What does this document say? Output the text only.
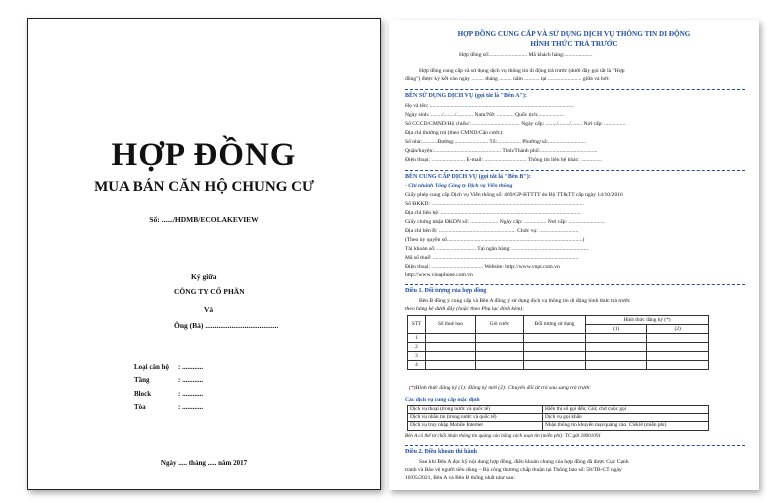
HỢP ĐỒNG
MUA BÁN CĂN HỘ CHUNG CƯ
Số: ....../HDMB/ECOLAKEVIEW
Ký giữa
CÔNG TY CỔ PHẦN
Và
Ông (Bà) .......................................
Loại căn hộ	: ............
Tầng	: ............
Block	: ............
Tòa	: ............
Ngày ..... tháng ..... năm 2017
HỢP ĐỒNG CUNG CẤP VÀ SỬ DỤNG DỊCH VỤ THÔNG TIN DI ĐỘNG
HÌNH THỨC TRẢ TRƯỚC
Hợp đồng số:........................... Mã khách hàng:....................
Hợp đồng cung cấp và sử dụng dịch vụ thông tin di động trả trước (dưới đây gọi tắt là "Hợp
đồng") được ký kết vào ngày ......... tháng ......... năm ........... tại ........................ giữa và bởi:
BÊN SỬ DỤNG DỊCH VỤ (gọi tắt là "Bên A"):
Họ và tên: .......................................................................................................
Ngày sinh: ......../......../............ Nam/Nữ: ............ Quốc tịch:..................
Số CCCD/CMND/Hộ chiếu/: .................................. Ngày cấp: ......../......../........ Nơi cấp: ...............
Địa chỉ thường trú (theo CMND/Căn cước):
Số nhà:...........Đường:........................ Tổ:................. Phường/xã:...........................
Quận/huyện:................................................ Tỉnh/Thành phố:.........................................
Điện thoại: ........................ E-mail: .............................. Thông tin liên hệ khác: ...............
BÊN CUNG CẤP DỊCH VỤ (gọi tắt là "Bên B"):
- Chi nhánh Tổng Công ty Dịch vụ Viễn thông
Giấy phép cung cấp Dịch vụ Viễn thông số: 469/GP-BTTTT do Bộ TT&TT cấp ngày 14/10/2016
Số ĐKKD: .............................................................................................................
Địa chỉ liên hệ: ....................................................................................................
Giấy chứng nhận ĐKDN số: .................... Ngày cấp: ................ Nơi cấp: ..........................
Địa chỉ bên B: ....................................................... Chức vụ: ............................
(Theo ủy quyền số.................................................................................................)
Tài khoản số: ............................ Tại ngân hàng: .......................................................
Mã số thuế: ........................................................................................................
Điện thoại: ..................................... Website: http://www.vnpt.com.vn
http://www.vinaphone.com.vn
Điều 1. Đối tượng của hợp đồng
Bên B đồng ý cung cấp và Bên A đồng ý sử dụng dịch vụ thông tin di động hình thức trả trước
theo bảng kê dưới đây (hoặc theo Phụ lục đính kèm):
STT	Số thuê bao	Gói cước	Đối tượng sử dụng	Hình thức đăng ký (*)	
				(1)	(2)
1					
2					
3					
4					
(*)Hình thức đăng ký (1): Đăng ký mới (2): Chuyển đổi từ trả sau sang trả trước
Các dịch vụ cung cấp mặc định
Dịch vụ thoại (trong nước và quốc tế)	Hiển thị số gọi đến; Giữ, chờ cuộc gọi
Dịch vụ nhắn tin (trong nước và quốc tế)	Dịch vụ gọi khẩn
Dịch vụ truy nhập Mobile Internet	Nhận thông tin khuyến mại/quảng cáo. CSKH (miễn phí)
Bên A có thể từ chối nhận thông tin quảng cáo bằng cách soạn tin (miễn phí): TC gửi 18001091
Điều 2. Điều khoản thi hành
Sau khi Bên A đọc kỹ nội dung hợp đồng, điều khoản chung của hợp đồng đã được Cục Cạnh
tranh và Bảo vệ người tiêu dùng – Bộ công thương chấp thuận tại Thông báo số: 58/TB-CT ngày
10/05/2021, Bên A và Bên B thống nhất như sau:
